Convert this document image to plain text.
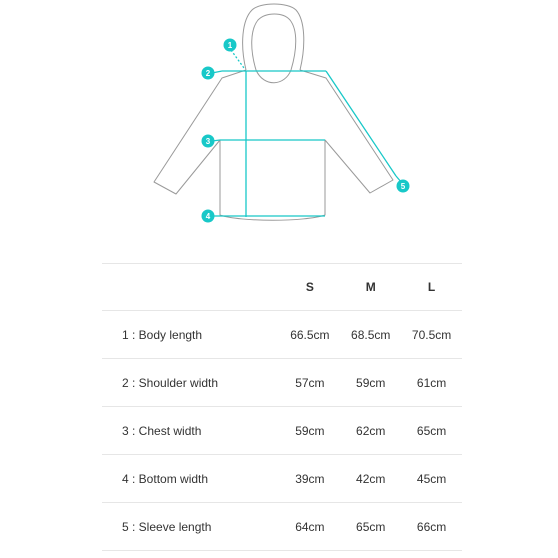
1
2
3
4
5
	S	M	L
1 : Body length	66.5cm	68.5cm	70.5cm
2 : Shoulder width	57cm	59cm	61cm
3 : Chest width	59cm	62cm	65cm
4 : Bottom width	39cm	42cm	45cm
5 : Sleeve length	64cm	65cm	66cm
